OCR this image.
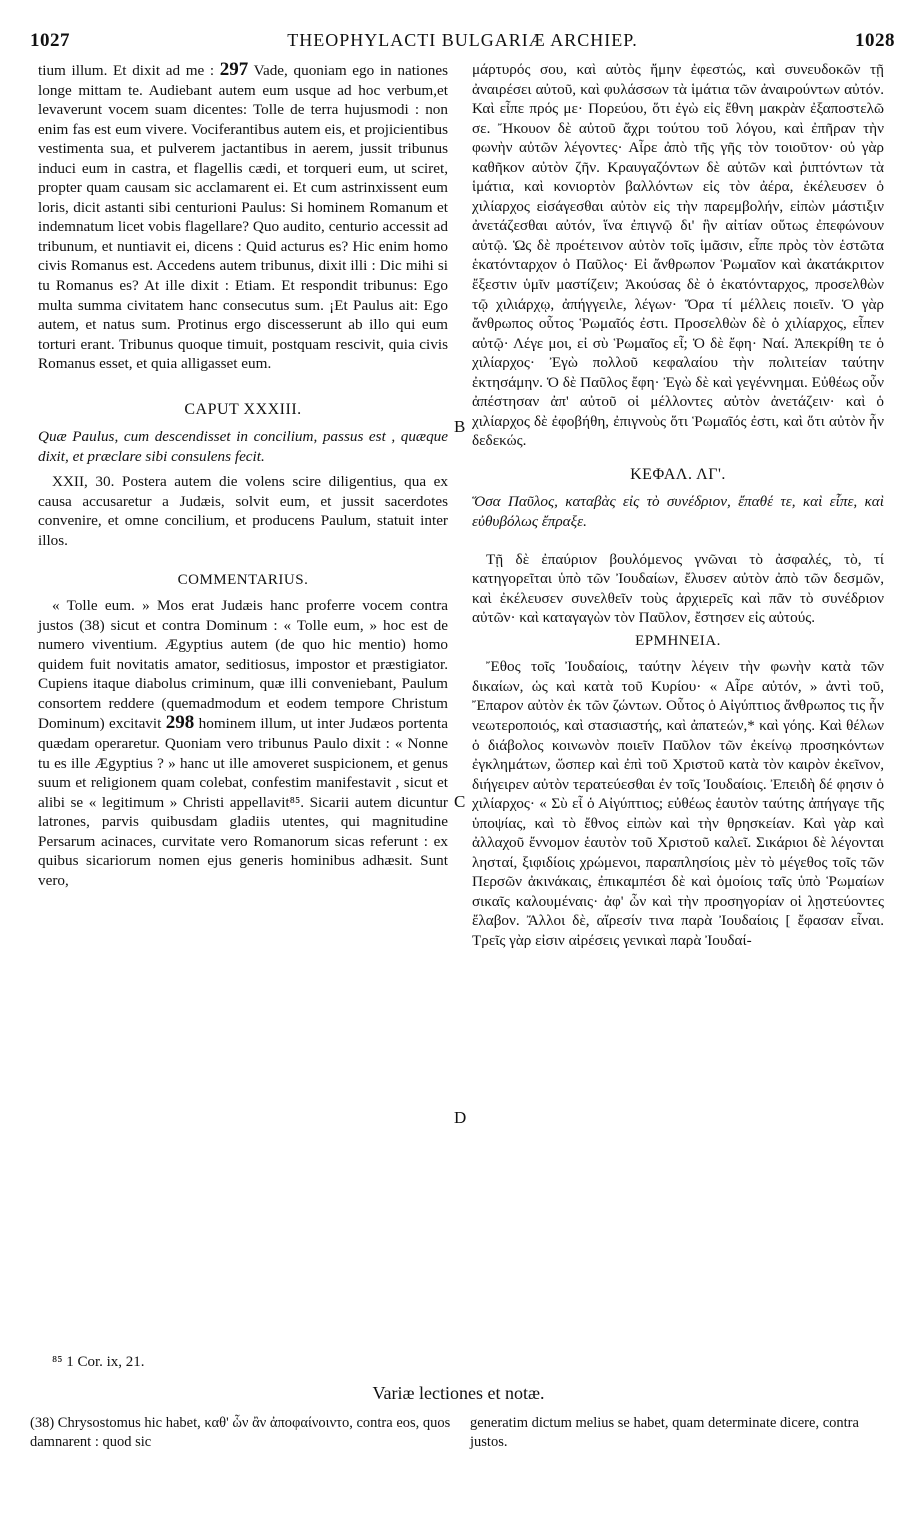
1027	THEOPHYLACTI BULGARIÆ ARCHIEP.	1028

tium illum. Et dixit ad me : 297 Vade, quoniam ego in nationes longe mittam te. Audiebant autem eum usque ad hoc verbum,et levaverunt vocem suam dicentes: Tolle de terra hujusmodi : non enim fas est eum vivere. Vociferantibus autem eis, et projicientibus vestimenta sua, et pulverem jactantibus in aerem, jussit tribunus induci eum in castra, et flagellis cædi, et torqueri eum, ut sciret, propter quam causam sic acclamarent ei. Et cum astrinxissent eum loris, dicit astanti sibi centurioni Paulus: Si hominem Romanum et indemnatum licet vobis flagellare? Quo audito, centurio accessit ad tribunum, et nuntiavit ei, dicens : Quid acturus es? Hic enim homo civis Romanus est. Accedens autem tribunus, dixit illi : Dic mihi si tu Romanus es? At ille dixit : Etiam. Et respondit tribunus: Ego multa summa civitatem hanc consecutus sum. ¡Et Paulus ait: Ego autem, et natus sum. Protinus ergo discesserunt ab illo qui eum torturi erant. Tribunus quoque timuit, postquam rescivit, quia civis Romanus esset, et quia alligasset eum.

CAPUT XXXIII.

Quæ Paulus, cum descendisset in concilium, passus est , quæque dixit, et præclare sibi consulens fecit.

XXII, 30. Postera autem die volens scire diligentius, qua ex causa accusaretur a Judæis, solvit eum, et jussit sacerdotes convenire, et omne concilium, et producens Paulum, statuit inter illos.

COMMENTARIUS.

« Tolle eum. » Mos erat Judæis hanc proferre vocem contra justos (38) sicut et contra Dominum : « Tolle eum, » hoc est de numero viventium. Ægyptius autem (de quo hic mentio) homo quidem fuit novitatis amator, seditiosus, impostor et præstigiator. Cupiens itaque diabolus criminum, quæ illi conveniebant, Paulum consortem reddere (quemadmodum et eodem tempore Christum Dominum) excitavit 298 hominem illum, ut inter Judæos portenta quædam operaretur. Quoniam vero tribunus Paulo dixit : « Nonne tu es ille Ægyptius ? » hanc ut ille amoveret suspicionem, et genus suum et religionem quam colebat, confestim manifestavit , sicut et alibi se « legitimum » Christi appellavit⁸⁵. Sicarii autem dicuntur latrones, parvis quibusdam gladiis utentes, qui magnitudine Persarum acinaces, curvitate vero Romanorum sicas referunt : ex quibus sicariorum nomen ejus generis hominibus adhæsit. Sunt vero,

μάρτυρός σου, καὶ αὐτὸς ἤμην ἐφεστώς, καὶ συνευδοκῶν τῇ ἀναιρέσει αὐτοῦ, καὶ φυλάσσων τὰ ἱμάτια τῶν ἀναιρούντων αὐτόν. Καὶ εἶπε πρός με· Πορεύου, ὅτι ἐγὼ εἰς ἔθνη μακρὰν ἐξαποστελῶ σε. Ἤκουον δὲ αὐτοῦ ἄχρι τούτου τοῦ λόγου, καὶ ἐπῆραν τὴν φωνὴν αὐτῶν λέγοντες· Αἶρε ἀπὸ τῆς γῆς τὸν τοιοῦτον· οὐ γὰρ καθῆκον αὐτὸν ζῆν. Κραυγαζόντων δὲ αὐτῶν καὶ ῥιπτόντων τὰ ἱμάτια, καὶ κονιορτὸν βαλλόντων εἰς τὸν ἀέρα, ἐκέλευσεν ὁ χιλίαρχος εἰσάγεσθαι αὐτὸν εἰς τὴν παρεμβολήν, εἰπὼν μάστιξιν ἀνετάζεσθαι αὐτόν, ἵνα ἐπιγνῷ δι' ἣν αἰτίαν οὕτως ἐπεφώνουν αὐτῷ. Ὡς δὲ προέτεινον αὐτὸν τοῖς ἱμᾶσιν, εἶπε πρὸς τὸν ἑστῶτα ἑκατόνταρχον ὁ Παῦλος· Εἰ ἄνθρωπον Ῥωμαῖον καὶ ἀκατάκριτον ἔξεστιν ὑμῖν μαστίζειν; Ἀκούσας δὲ ὁ ἑκατόνταρχος, προσελθὼν τῷ χιλιάρχῳ, ἀπήγγειλε, λέγων· Ὅρα τί μέλλεις ποιεῖν. Ὁ γὰρ ἄνθρωπος οὗτος Ῥωμαῖός ἐστι. Προσελθὼν δὲ ὁ χιλίαρχος, εἶπεν αὐτῷ· Λέγε μοι, εἰ σὺ Ῥωμαῖος εἶ; Ὁ δὲ ἔφη· Ναί. Ἀπεκρίθη τε ὁ χιλίαρχος· Ἐγὼ πολλοῦ κεφαλαίου τὴν πολιτείαν ταύτην ἐκτησάμην. Ὁ δὲ Παῦλος ἔφη· Ἐγὼ δὲ καὶ γεγέννημαι. Εὐθέως οὖν ἀπέστησαν ἀπ' αὐτοῦ οἱ μέλλοντες αὐτὸν ἀνετάζειν· καὶ ὁ χιλίαρχος δὲ ἐφοβήθη, ἐπιγνοὺς ὅτι Ῥωμαῖός ἐστι, καὶ ὅτι αὐτὸν ἦν δεδεκώς.

ΚΕΦΑΛ. ΛΓ'.

Ὅσα Παῦλος, καταβὰς εἰς τὸ συνέδριον, ἔπαθέ τε, καὶ εἶπε, καὶ εὐθυβόλως ἔπραξε.

Τῇ δὲ ἐπαύριον βουλόμενος γνῶναι τὸ ἀσφαλές, τὸ, τί κατηγορεῖται ὑπὸ τῶν Ἰουδαίων, ἔλυσεν αὐτὸν ἀπὸ τῶν δεσμῶν, καὶ ἐκέλευσεν συνελθεῖν τοὺς ἀρχιερεῖς καὶ πᾶν τὸ συνέδριον αὐτῶν· καὶ καταγαγὼν τὸν Παῦλον, ἔστησεν εἰς αὐτούς.

ΕΡΜΗΝΕΙΑ.

Ἔθος τοῖς Ἰουδαίοις, ταύτην λέγειν τὴν φωνὴν κατὰ τῶν δικαίων, ὡς καὶ κατὰ τοῦ Κυρίου· « Αἶρε αὐτόν, » ἀντὶ τοῦ, Ἔπαρον αὐτὸν ἐκ τῶν ζώντων. Οὗτος ὁ Αἰγύπτιος ἄνθρωπος τις ἦν νεωτεροποιός, καὶ στασιαστής, καὶ ἀπατεών,* καὶ γόης. Καὶ θέλων ὁ διάβολος κοινωνὸν ποιεῖν Παῦλον τῶν ἐκείνῳ προσηκόντων ἐγκλημάτων, ὥσπερ καὶ ἐπὶ τοῦ Χριστοῦ κατὰ τὸν καιρὸν ἐκεῖνον, διήγειρεν αὐτὸν τερατεύεσθαι ἐν τοῖς Ἰουδαίοις. Ἐπειδὴ δέ φησιν ὁ χιλίαρχος· « Σὺ εἶ ὁ Αἰγύπτιος; εὐθέως ἑαυτὸν ταύτης ἀπήγαγε τῆς ὑποψίας, καὶ τὸ ἔθνος εἰπὼν καὶ τὴν θρησκείαν. Καὶ γὰρ καὶ ἀλλαχοῦ ἔννομον ἑαυτὸν τοῦ Χριστοῦ καλεῖ. Σικάριοι δὲ λέγονται λησταί, ξιφιδίοις χρώμενοι, παραπλησίοις μὲν τὸ μέγεθος τοῖς τῶν Περσῶν ἀκινάκαις, ἐπικαμπέσι δὲ καὶ ὁμοίοις ταῖς ὑπὸ Ῥωμαίων σικαῖς καλουμέναις· ἀφ' ὧν καὶ τὴν προσηγορίαν οἱ λῃστεύοντες ἔλαβον. Ἄλλοι δὲ, αἵρεσίν τινα παρὰ Ἰουδαίοις [ ἔφασαν εἶναι. Τρεῖς γὰρ εἰσιν αἱρέσεις γενικαὶ παρὰ Ἰουδαί-

B
C
D
⁸⁵ 1 Cor. ix, 21.
Variæ lectiones et notæ.
(38) Chrysostomus hic habet, καθ' ὧν ἂν ἀποφαίνοιντο, contra eos, quos damnarent : quod sic
generatim dictum melius se habet, quam determinate dicere, contra justos.
